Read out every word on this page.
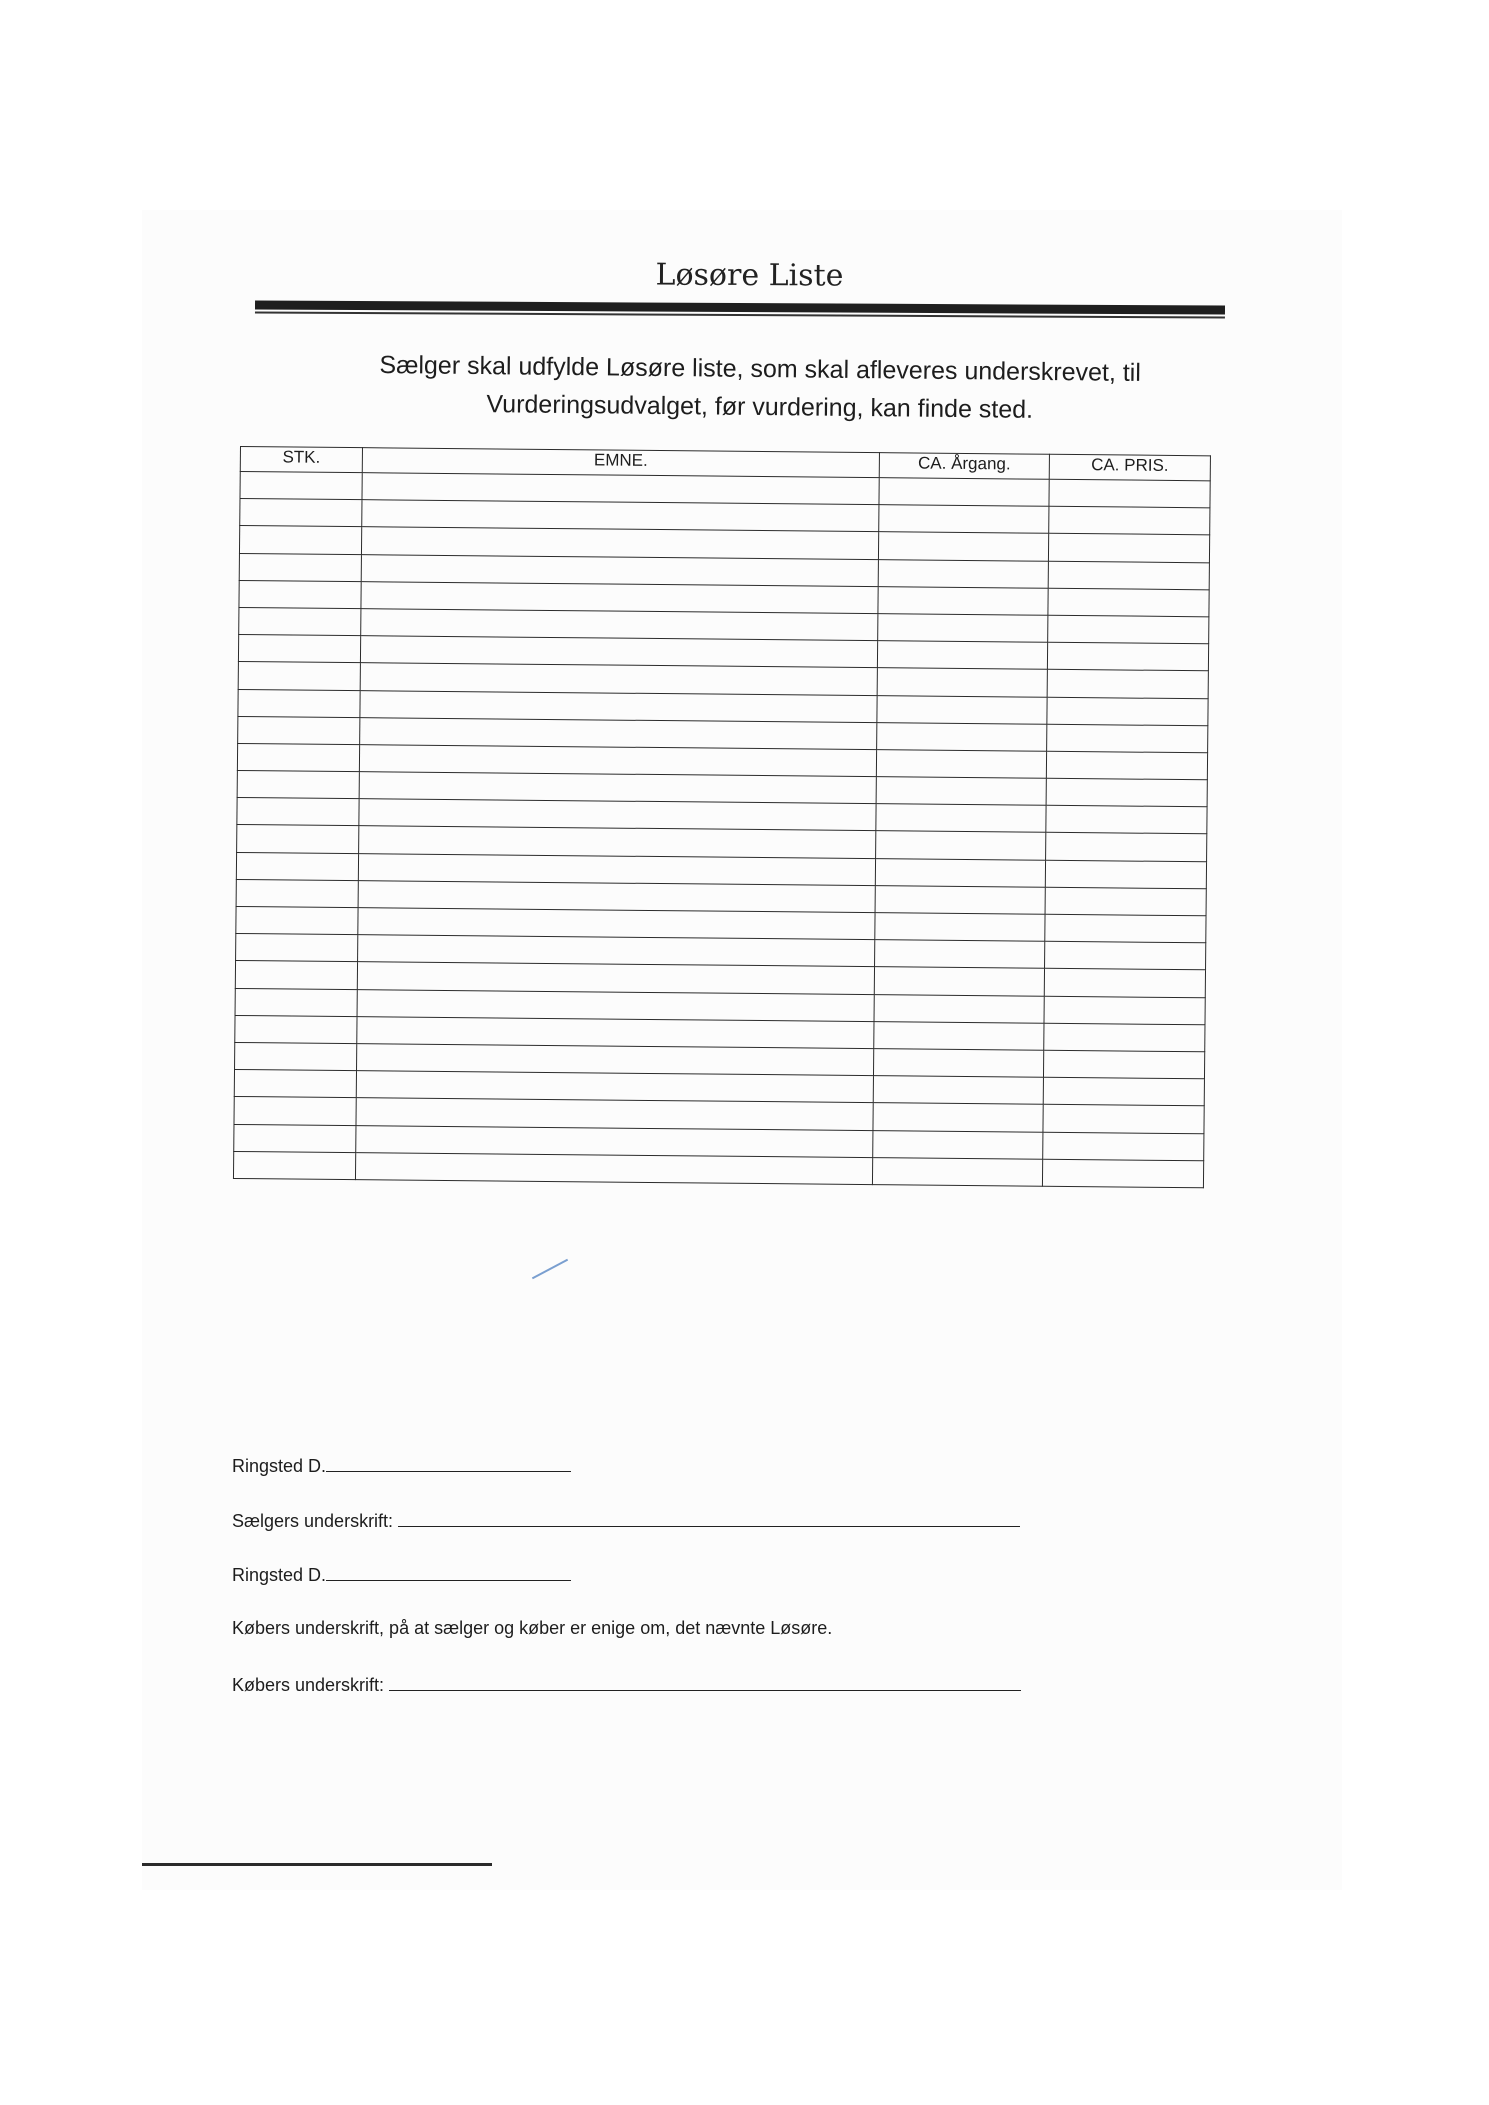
Løsøre Liste
Sælger skal udfylde Løsøre liste, som skal afleveres underskrevet, til
Vurderingsudvalget, før vurdering, kan finde sted.
STK.	EMNE.	CA. Årgang.	CA. PRIS.

Ringsted D.
Sælgers underskrift:
Ringsted D.
Købers underskrift, på at sælger og køber er enige om, det nævnte Løsøre.
Købers underskrift:
